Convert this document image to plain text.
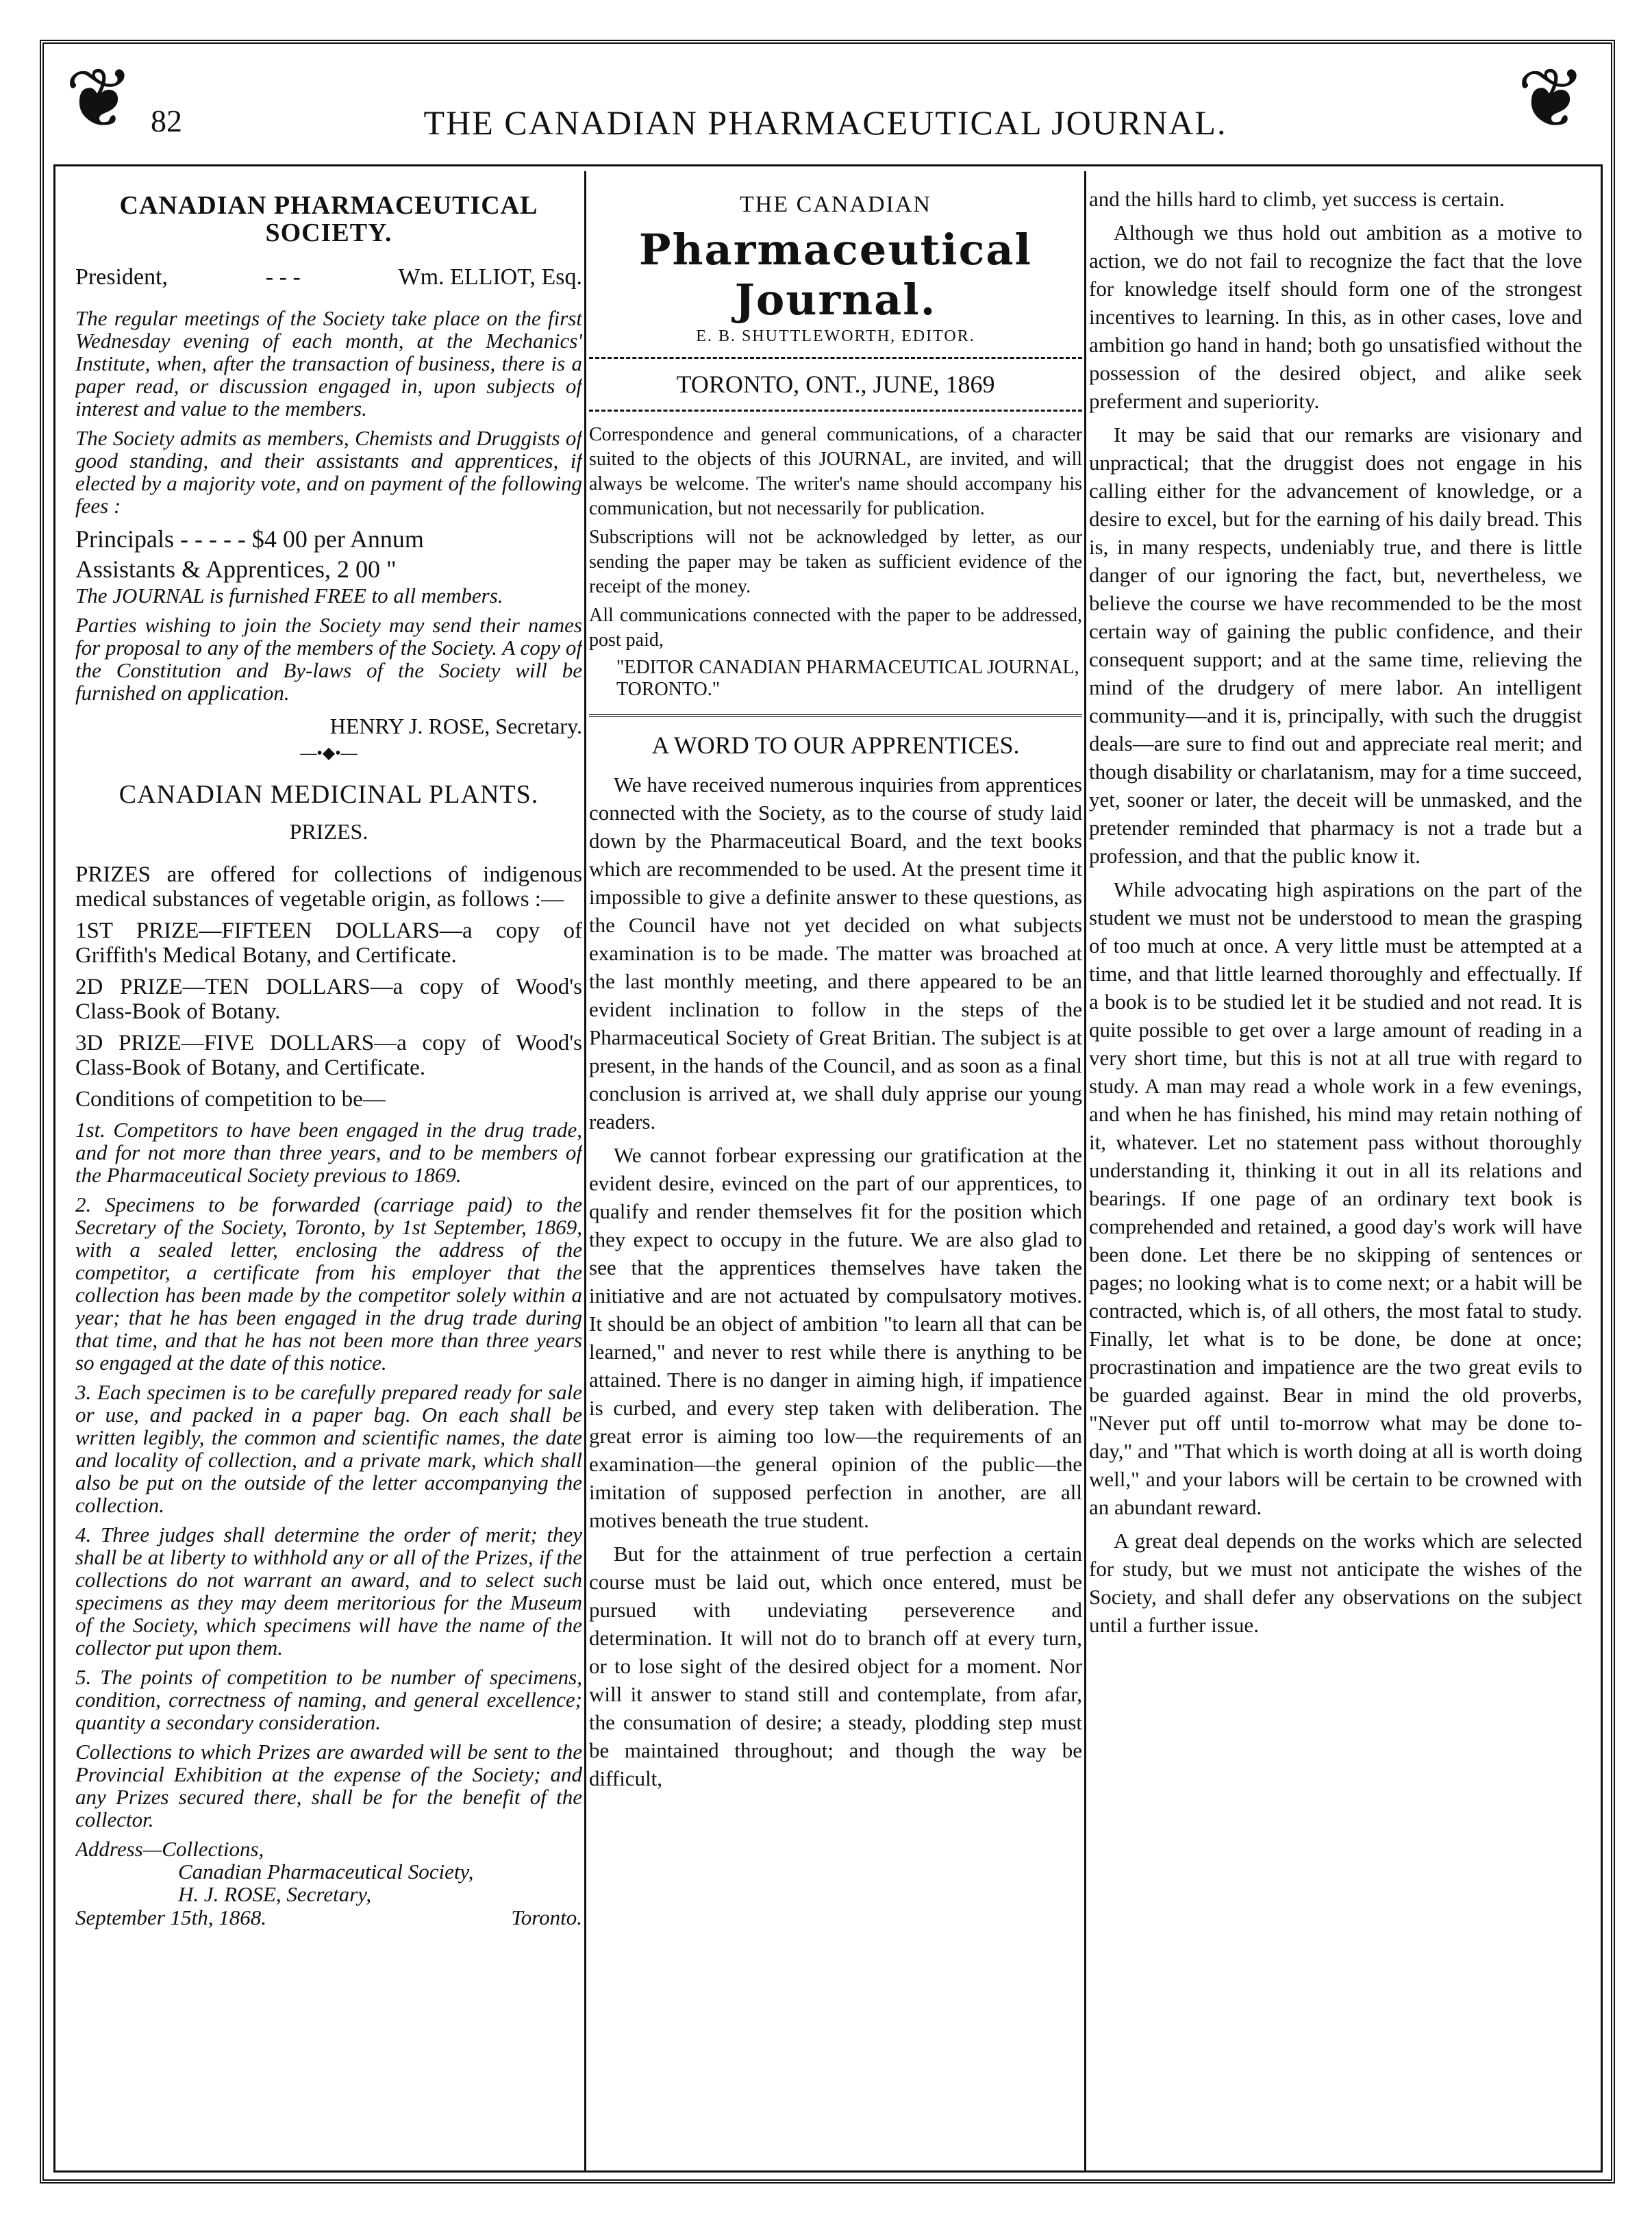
❦	❦
82	THE CANADIAN PHARMACEUTICAL JOURNAL.
CANADIAN PHARMACEUTICAL SOCIETY.
President,	- - -	Wm. ELLIOT, Esq.

The regular meetings of the Society take place on the first Wednesday evening of each month, at the Mechanics' Institute, when, after the transaction of business, there is a paper read, or discussion engaged in, upon subjects of interest and value to the members.

The Society admits as members, Chemists and Druggists of good standing, and their assistants and apprentices, if elected by a majority vote, and on payment of the following fees :

Principals - - - - - $4 00 per Annum
Assistants & Apprentices, 2 00 "

The JOURNAL is furnished FREE to all members.

Parties wishing to join the Society may send their names for proposal to any of the members of the Society. A copy of the Constitution and By-laws of the Society will be furnished on application.

HENRY J. ROSE, Secretary.
—•◆•—
CANADIAN MEDICINAL PLANTS.
PRIZES.

PRIZES are offered for collections of indigenous medical substances of vegetable origin, as follows :—

1ST PRIZE—FIFTEEN DOLLARS—a copy of Griffith's Medical Botany, and Certificate.

2D PRIZE—TEN DOLLARS—a copy of Wood's Class-Book of Botany.

3D PRIZE—FIVE DOLLARS—a copy of Wood's Class-Book of Botany, and Certificate.

Conditions of competition to be—

1st. Competitors to have been engaged in the drug trade, and for not more than three years, and to be members of the Pharmaceutical Society previous to 1869.

2. Specimens to be forwarded (carriage paid) to the Secretary of the Society, Toronto, by 1st September, 1869, with a sealed letter, enclosing the address of the competitor, a certificate from his employer that the collection has been made by the competitor solely within a year; that he has been engaged in the drug trade during that time, and that he has not been more than three years so engaged at the date of this notice.

3. Each specimen is to be carefully prepared ready for sale or use, and packed in a paper bag. On each shall be written legibly, the common and scientific names, the date and locality of collection, and a private mark, which shall also be put on the outside of the letter accompanying the collection.

4. Three judges shall determine the order of merit; they shall be at liberty to withhold any or all of the Prizes, if the collections do not warrant an award, and to select such specimens as they may deem meritorious for the Museum of the Society, which specimens will have the name of the collector put upon them.

5. The points of competition to be number of specimens, condition, correctness of naming, and general excellence; quantity a secondary consideration.

Collections to which Prizes are awarded will be sent to the Provincial Exhibition at the expense of the Society; and any Prizes secured there, shall be for the benefit of the collector.

Address—Collections,
Canadian Pharmaceutical Society,
H. J. ROSE, Secretary,
September 15th, 1868.	Toronto.
THE CANADIAN
Pharmaceutical Journal.
E. B. SHUTTLEWORTH, EDITOR.
TORONTO, ONT., JUNE, 1869

Correspondence and general communications, of a character suited to the objects of this JOURNAL, are invited, and will always be welcome. The writer's name should accompany his communication, but not necessarily for publication.

Subscriptions will not be acknowledged by letter, as our sending the paper may be taken as sufficient evidence of the receipt of the money.

All communications connected with the paper to be addressed, post paid,

"EDITOR CANADIAN PHARMACEUTICAL JOURNAL, TORONTO."

A WORD TO OUR APPRENTICES.

We have received numerous inquiries from apprentices connected with the Society, as to the course of study laid down by the Pharmaceutical Board, and the text books which are recommended to be used. At the present time it impossible to give a definite answer to these questions, as the Council have not yet decided on what subjects examination is to be made. The matter was broached at the last monthly meeting, and there appeared to be an evident inclination to follow in the steps of the Pharmaceutical Society of Great Britian. The subject is at present, in the hands of the Council, and as soon as a final conclusion is arrived at, we shall duly apprise our young readers.

We cannot forbear expressing our gratification at the evident desire, evinced on the part of our apprentices, to qualify and render themselves fit for the position which they expect to occupy in the future. We are also glad to see that the apprentices themselves have taken the initiative and are not actuated by compulsatory motives. It should be an object of ambition "to learn all that can be learned," and never to rest while there is anything to be attained. There is no danger in aiming high, if impatience is curbed, and every step taken with deliberation. The great error is aiming too low—the requirements of an examination—the general opinion of the public—the imitation of supposed perfection in another, are all motives beneath the true student.

But for the attainment of true perfection a certain course must be laid out, which once entered, must be pursued with undeviating perseverence and determination. It will not do to branch off at every turn, or to lose sight of the desired object for a moment. Nor will it answer to stand still and contemplate, from afar, the consumation of desire; a steady, plodding step must be maintained throughout; and though the way be difficult,

and the hills hard to climb, yet success is certain.

Although we thus hold out ambition as a motive to action, we do not fail to recognize the fact that the love for knowledge itself should form one of the strongest incentives to learning. In this, as in other cases, love and ambition go hand in hand; both go unsatisfied without the possession of the desired object, and alike seek preferment and superiority.

It may be said that our remarks are visionary and unpractical; that the druggist does not engage in his calling either for the advancement of knowledge, or a desire to excel, but for the earning of his daily bread. This is, in many respects, undeniably true, and there is little danger of our ignoring the fact, but, nevertheless, we believe the course we have recommended to be the most certain way of gaining the public confidence, and their consequent support; and at the same time, relieving the mind of the drudgery of mere labor. An intelligent community—and it is, principally, with such the druggist deals—are sure to find out and appreciate real merit; and though disability or charlatanism, may for a time succeed, yet, sooner or later, the deceit will be unmasked, and the pretender reminded that pharmacy is not a trade but a profession, and that the public know it.

While advocating high aspirations on the part of the student we must not be understood to mean the grasping of too much at once. A very little must be attempted at a time, and that little learned thoroughly and effectually. If a book is to be studied let it be studied and not read. It is quite possible to get over a large amount of reading in a very short time, but this is not at all true with regard to study. A man may read a whole work in a few evenings, and when he has finished, his mind may retain nothing of it, whatever. Let no statement pass without thoroughly understanding it, thinking it out in all its relations and bearings. If one page of an ordinary text book is comprehended and retained, a good day's work will have been done. Let there be no skipping of sentences or pages; no looking what is to come next; or a habit will be contracted, which is, of all others, the most fatal to study. Finally, let what is to be done, be done at once; procrastination and impatience are the two great evils to be guarded against. Bear in mind the old proverbs, "Never put off until to-morrow what may be done to-day," and "That which is worth doing at all is worth doing well," and your labors will be certain to be crowned with an abundant reward.

A great deal depends on the works which are selected for study, but we must not anticipate the wishes of the Society, and shall defer any observations on the subject until a further issue.
